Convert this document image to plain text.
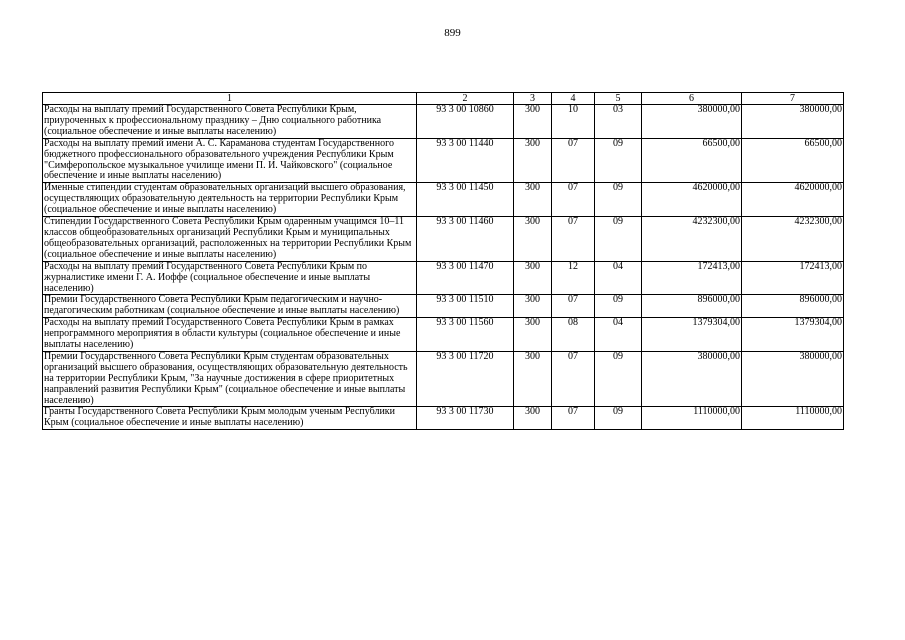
899
1	2	3	4	5	6	7
Расходы на выплату премий Государственного Совета Республики Крым, приуроченных к профессиональному празднику – Дню социального работника (социальное обеспечение и иные выплаты населению)	93 3 00 10860	300	10	03	380000,00	380000,00
Расходы на выплату премий имени А. С. Караманова студентам Государственного бюджетного профессионального образовательного учреждения Республики Крым "Симферопольское музыкальное училище имени П. И. Чайковского" (социальное обеспечение и иные выплаты населению)	93 3 00 11440	300	07	09	66500,00	66500,00
Именные стипендии студентам образовательных организаций высшего образования, осуществляющих образовательную деятельность на территории Республики Крым (социальное обеспечение и иные выплаты населению)	93 3 00 11450	300	07	09	4620000,00	4620000,00
Стипендии Государственного Совета Республики Крым одаренным учащимся 10–11 классов общеобразовательных организаций Республики Крым и муниципальных общеобразовательных организаций, расположенных на территории Республики Крым (социальное обеспечение и иные выплаты населению)	93 3 00 11460	300	07	09	4232300,00	4232300,00
Расходы на выплату премий Государственного Совета Республики Крым по журналистике имени Г. А. Иоффе (социальное обеспечение и иные выплаты населению)	93 3 00 11470	300	12	04	172413,00	172413,00
Премии Государственного Совета Республики Крым педагогическим и научно-педагогическим работникам (социальное обеспечение и иные выплаты населению)	93 3 00 11510	300	07	09	896000,00	896000,00
Расходы на выплату премий Государственного Совета Республики Крым в рамках непрограммного мероприятия в области культуры (социальное обеспечение и иные выплаты населению)	93 3 00 11560	300	08	04	1379304,00	1379304,00
Премии Государственного Совета Республики Крым студентам образовательных организаций высшего образования, осуществляющих образовательную деятельность на территории Республики Крым, "За научные достижения в сфере приоритетных направлений развития Республики Крым" (социальное обеспечение и иные выплаты населению)	93 3 00 11720	300	07	09	380000,00	380000,00
Гранты Государственного Совета Республики Крым молодым ученым Республики Крым (социальное обеспечение и иные выплаты населению)	93 3 00 11730	300	07	09	1110000,00	1110000,00
